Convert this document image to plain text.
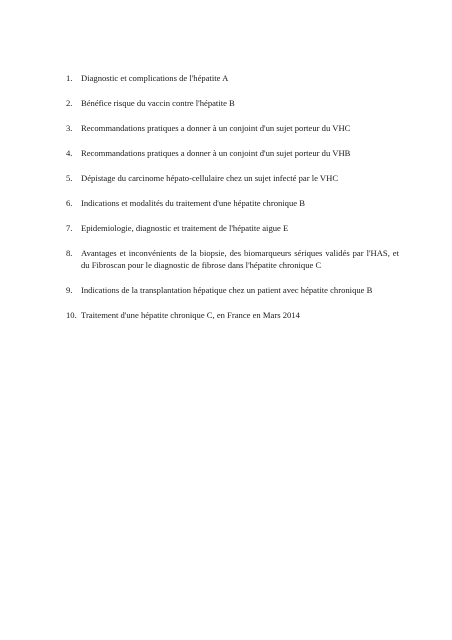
1. Diagnostic et complications de l'hépatite A
2. Bénéfice risque du vaccin contre l'hépatite B
3. Recommandations pratiques a donner à un conjoint d'un sujet porteur du VHC
4. Recommandations pratiques a donner à un conjoint d'un sujet porteur du VHB
5. Dépistage du carcinome hépato-cellulaire chez un sujet infecté par le VHC
6. Indications et modalités du traitement d'une hépatite chronique B
7. Epidemiologie, diagnostic et traitement de l'hépatite aigue E
8. Avantages et inconvénients de la biopsie, des biomarqueurs sériques validés par l'HAS, et du Fibroscan pour le diagnostic de fibrose dans l'hépatite chronique C
9. Indications de la transplantation hépatique chez un patient avec hépatite chronique B
10. Traitement d'une hépatite chronique C, en France en Mars 2014
